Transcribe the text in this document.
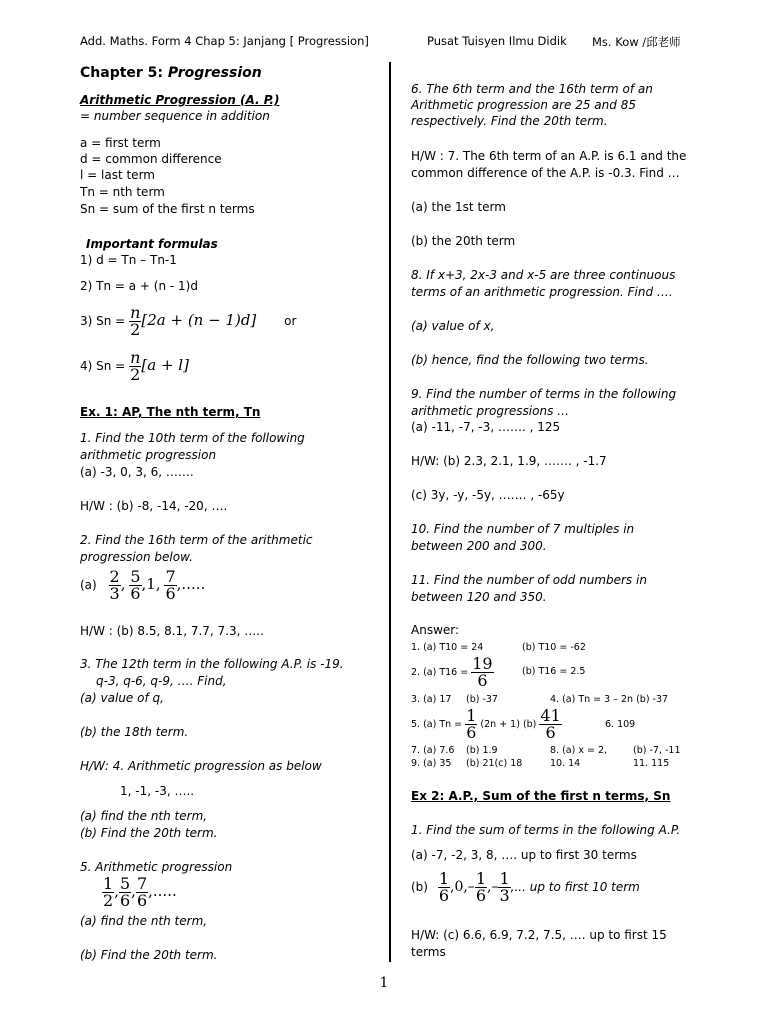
Add. Maths. Form 4 Chap 5: Janjang [ Progression]	Pusat Tuisyen Ilmu Didik Ms. Kow /邱老师
Chapter 5: Progression
Arithmetic Progression (A. P.)
= number sequence in addition
a = first term
d = common difference
l = last term
Tn = nth term
Sn = sum of the first n terms
Important formulas
1) d = Tn – Tn-1
2) Tn = a + (n - 1)d
3) $Sn = \frac{n}{2} [2a + (n - 1)d]$ or
4) $Sn = \frac{n}{2} [a + l]$
Ex. 1: AP, The nth term, Tn
1. Find the 10th term of the following
arithmetic progression
(a) -3, 0, 3, 6, …….
H/W : (b) -8, -14, -20, ….
2. Find the 16th term of the arithmetic
progression below.
$(a) \frac{2}{3}$ , $\frac{5}{6} ,1$, $\frac{7}{6}$ ,.....
H/W : (b) 8.5, 8.1, 7.7, 7.3, …..
3. The 12th term in the following A.P. is -19.
q-3, q-6, q-9, …. Find,
(a) value of q,
(b) the 18th term.
H/W: 4. Arithmetic progression as below
1, -1, -3, …..
(a) find the nth term,
(b) Find the 20th term.
5. Arithmetic progression
$\frac{1}{2}$ , $\frac{5}{6}$ , $\frac{7}{6}$ ,.....
(a) find the nth term,
(b) Find the 20th term.
6. The 6th term and the 16th term of an
Arithmetic progression are 25 and 85
respectively. Find the 20th term.
H/W : 7. The 6th term of an A.P. is 6.1 and the
common difference of the A.P. is -0.3. Find …
(a) the 1st term
(b) the 20th term
8. If x+3, 2x-3 and x-5 are three continuous
terms of an arithmetic progression. Find ….
(a) value of x,
(b) hence, find the following two terms.
9. Find the number of terms in the following
arithmetic progressions …
(a) -11, -7, -3, ……. , 125
H/W: (b) 2.3, 2.1, 1.9, ……. , -1.7
(c) 3y, -y, -5y, ……. , -65y
10. Find the number of 7 multiples in
between 200 and 300.
11. Find the number of odd numbers in
between 120 and 350.
Answer:
1. (a) T10 = 24	(b) T10 = -62
2. (a) $T16 = \frac{19}{6}$	(b) T16 = 2.5
3. (a) 17 (b) -37	4. (a) Tn = 3 – 2n (b) -37
5. (a) $Tn = \frac{1}{6} (2n + 1)$ $(b) \frac{41}{6}$	6. 109
7. (a) 7.6 (b) 1.9	8. (a) x = 2,	(b) -7, -11
9. (a) 35 (b) 21(c) 18	10. 14	11. 115
Ex 2: A.P., Sum of the first n terms, Sn
1. Find the sum of terms in the following A.P.
(a) -7, -2, 3, 8, …. up to first 30 terms
$(b) \frac{1}{6} ,0,- \frac{1}{6}$ ,– $\frac{1}{3}$ ,... up to first 10 term
H/W: (c) 6.6, 6.9, 7.2, 7.5, …. up to first 15
terms
1
